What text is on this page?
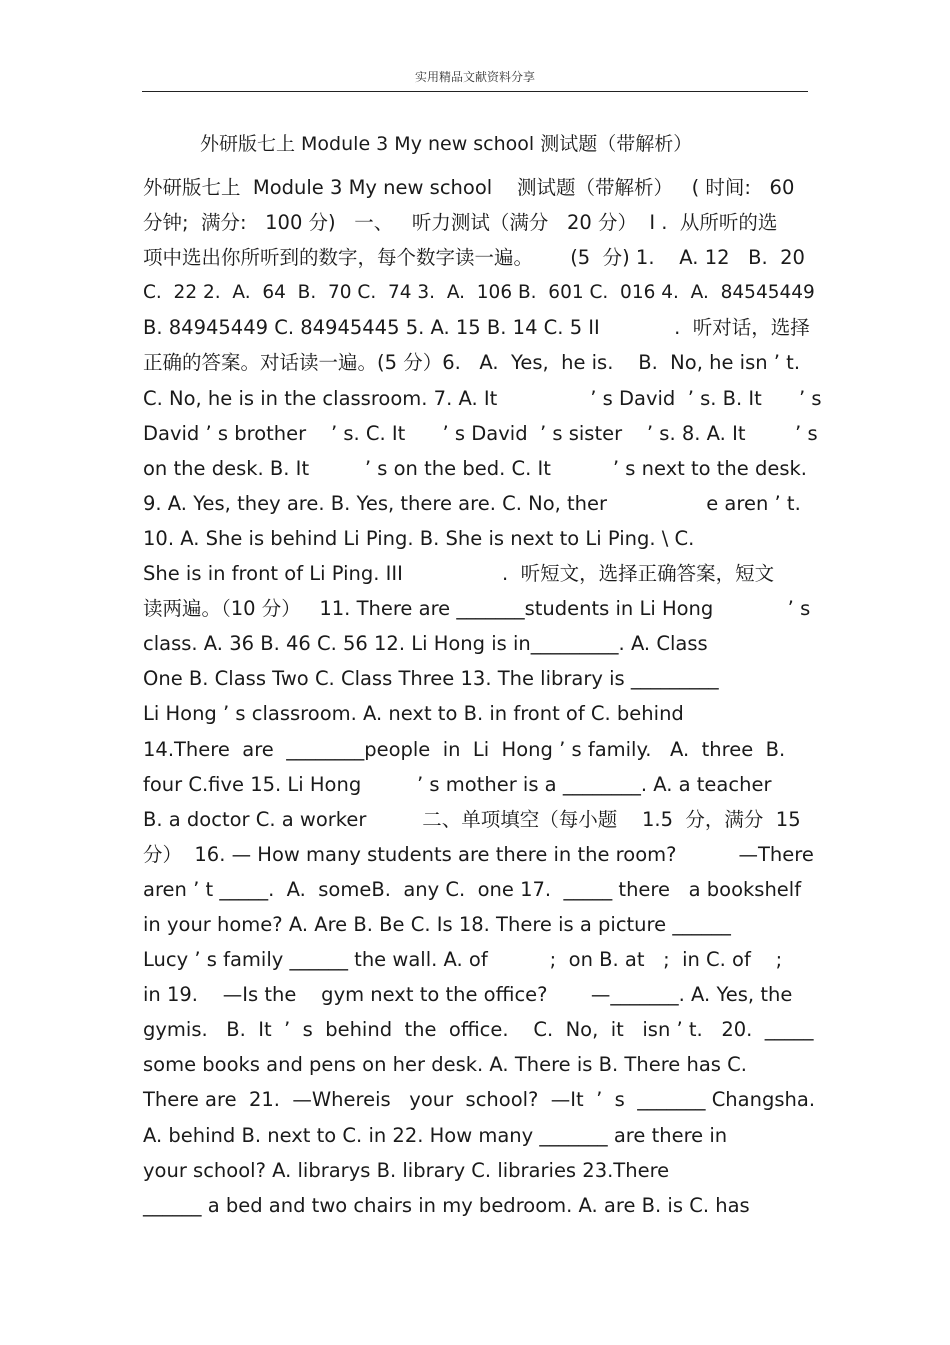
实用精品文献资料分享
外研版七上 Module 3 My new school 测试题（带解析）
外研版七上  Module 3 My new school    测试题（带解析）   ( 时间:   60
分钟;  满分:   100 分)   一、   听力测试（满分   20 分）  Ⅰ .  从所听的选
项中选出你所听到的数字，每个数字读一遍。      (5  分) 1.    A. 12   B.  20
C.  22 2.  A.  64  B.  70 C.  74 3.  A.  106 B.  601 C.  016 4.  A.  84545449
B. 84945449 C. 84945445 5. A. 15 B. 14 C. 5 II            .  听对话，选择
正确的答案。对话读一遍。(5 分）6.   A.  Yes,  he is.    B.  No, he isn ’ t.
C. No, he is in the classroom. 7. A. It               ’ s David  ’ s. B. It      ’ s
David ’ s brother    ’ s. C. It      ’ s David  ’ s sister    ’ s. 8. A. It        ’ s
on the desk. B. It         ’ s on the bed. C. It          ’ s next to the desk.
9. A. Yes, they are. B. Yes, there are. C. No, ther                e aren ’ t.
10. A. She is behind Li Ping. B. She is next to Li Ping. \ C.
She is in front of Li Ping. III                .  听短文，选择正确答案，短文
读两遍。（10 分）   11. There are _______students in Li Hong            ’ s
class. A. 36 B. 46 C. 56 12. Li Hong is in_________. A. Class
One B. Class Two C. Class Three 13. The library is _________
Li Hong ’ s classroom. A. next to B. in front of C. behind
14.There  are  ________people  in  Li  Hong ’ s family.   A.  three  B.
four C.five 15. Li Hong         ’ s mother is a ________. A. a teacher
B. a doctor C. a worker         二、单项填空（每小题    1.5  分，满分  15
分）  16. — How many students are there in the room?          —There
aren ’ t _____.  A.  someB.  any C.  one 17.  _____ there   a bookshelf
in your home? A. Are B. Be C. Is 18. There is a picture ______
Lucy ’ s family ______ the wall. A. of          ;  on B. at   ;  in C. of    ;
in 19.    —Is the    gym next to the office?       —_______. A. Yes, the
gymis.   B.  It  ’  s  behind  the  office.    C.  No,  it   isn ’ t.   20.  _____
some books and pens on her desk. A. There is B. There has C.
There are  21.  —Whereis   your  school?  —It  ’  s  _______ Changsha.
A. behind B. next to C. in 22. How many _______ are there in
your school? A. librarys B. library C. libraries 23.There
______ a bed and two chairs in my bedroom. A. are B. is C. has
